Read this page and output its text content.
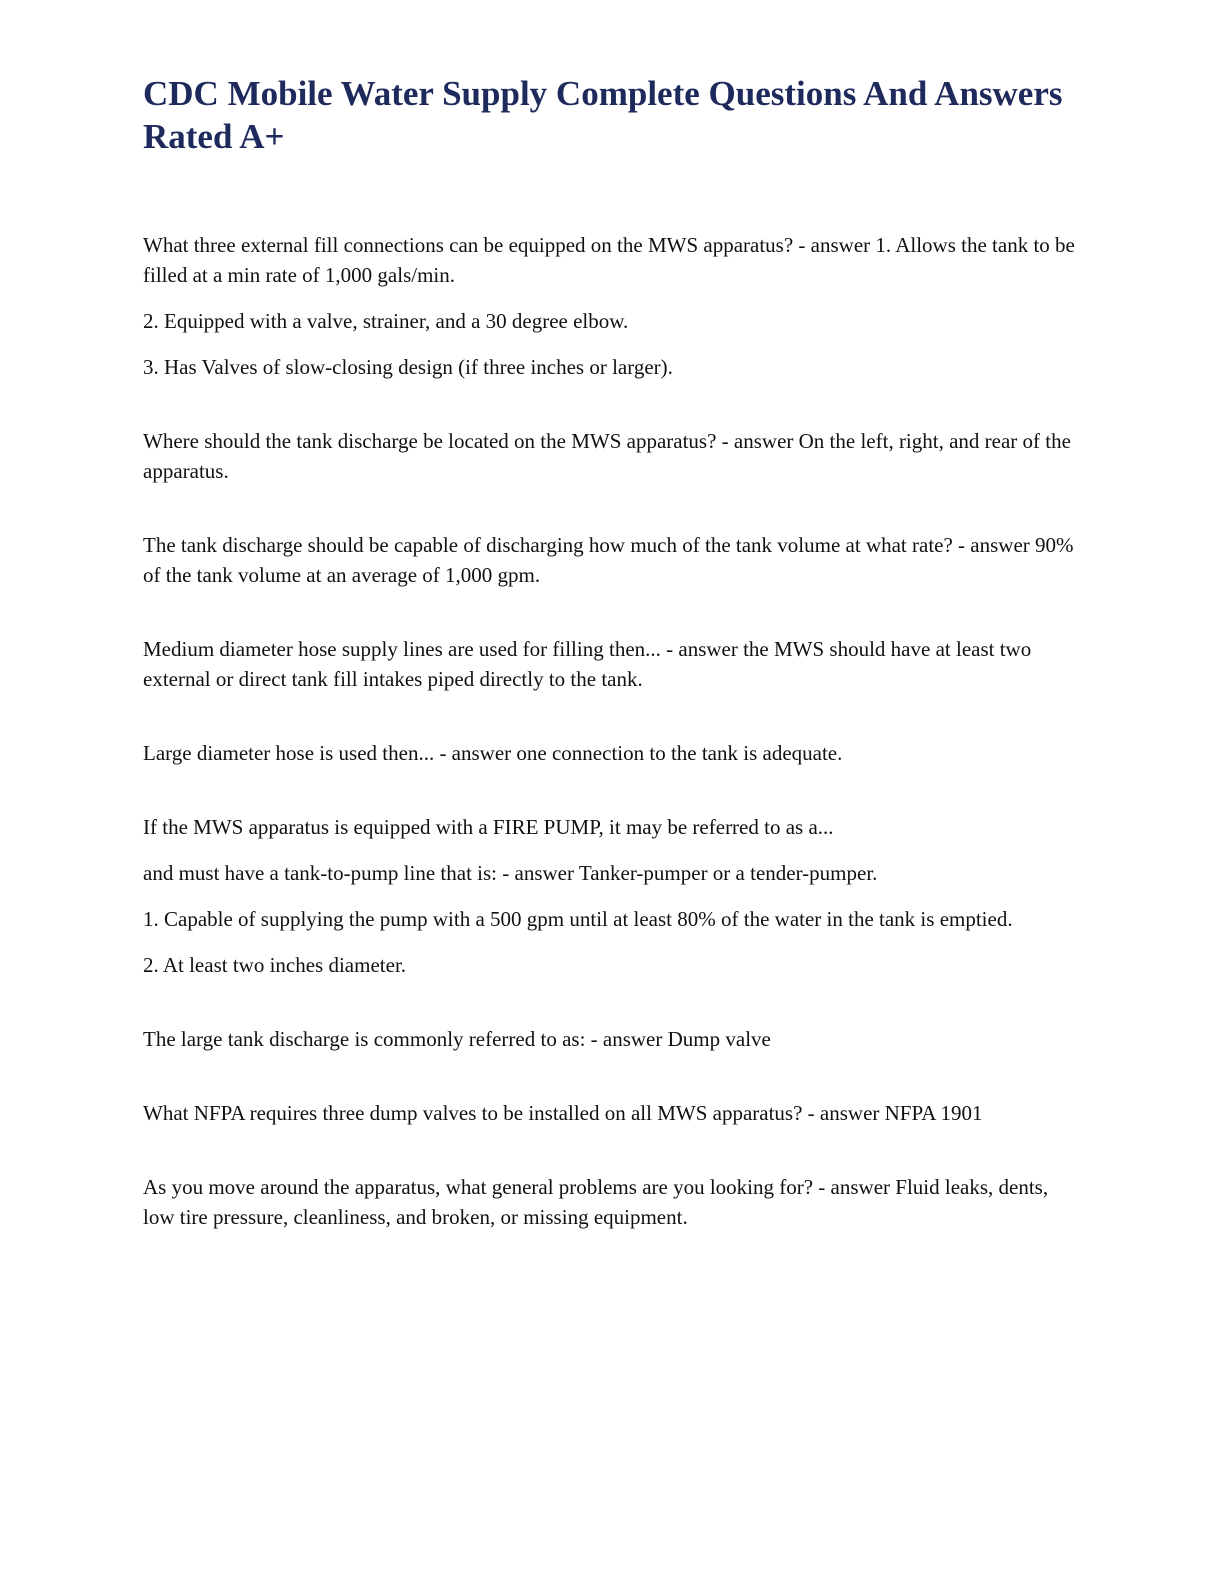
CDC Mobile Water Supply Complete Questions And Answers Rated A+

What three external fill connections can be equipped on the MWS apparatus? - answer 1. Allows the tank to be filled at a min rate of 1,000 gals/min.

2. Equipped with a valve, strainer, and a 30 degree elbow.

3. Has Valves of slow-closing design (if three inches or larger).

Where should the tank discharge be located on the MWS apparatus? - answer On the left, right, and rear of the apparatus.

The tank discharge should be capable of discharging how much of the tank volume at what rate? - answer 90% of the tank volume at an average of 1,000 gpm.

Medium diameter hose supply lines are used for filling then... - answer the MWS should have at least two external or direct tank fill intakes piped directly to the tank.

Large diameter hose is used then... - answer one connection to the tank is adequate.

If the MWS apparatus is equipped with a FIRE PUMP, it may be referred to as a...

and must have a tank-to-pump line that is: - answer Tanker-pumper or a tender-pumper.

1. Capable of supplying the pump with a 500 gpm until at least 80% of the water in the tank is emptied.

2. At least two inches diameter.

The large tank discharge is commonly referred to as: - answer Dump valve

What NFPA requires three dump valves to be installed on all MWS apparatus? - answer NFPA 1901

As you move around the apparatus, what general problems are you looking for? - answer Fluid leaks, dents, low tire pressure, cleanliness, and broken, or missing equipment.
